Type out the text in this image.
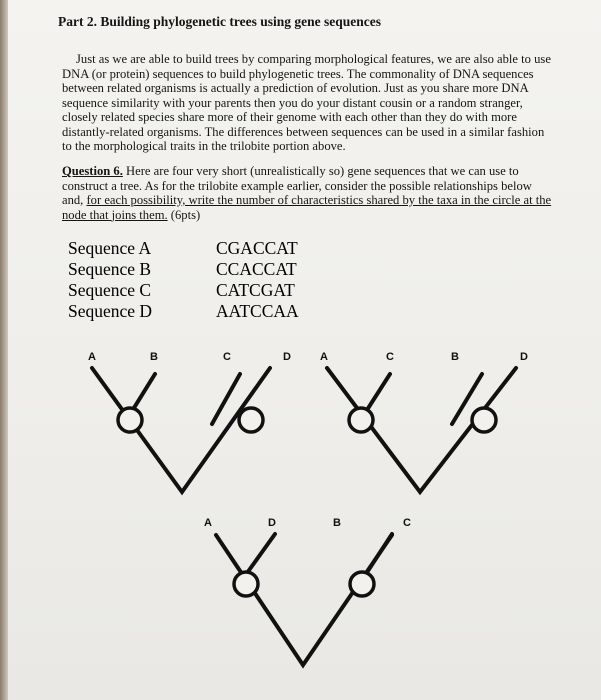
Part 2. Building phylogenetic trees using gene sequences

Just as we are able to build trees by comparing morphological features, we are also able to use DNA (or protein) sequences to build phylogenetic trees. The commonality of DNA sequences between related organisms is actually a prediction of evolution. Just as you share more DNA sequence similarity with your parents then you do your distant cousin or a random stranger, closely related species share more of their genome with each other than they do with more distantly-related organisms. The differences between sequences can be used in a similar fashion to the morphological traits in the trilobite portion above.

Question 6. Here are four very short (unrealistically so) gene sequences that we can use to construct a tree. As for the trilobite example earlier, consider the possible relationships below and, for each possibility, write the number of characteristics shared by the taxa in the circle at the node that joins them. (6pts)

Sequence A	CGACCAT
Sequence B	CCACCAT
Sequence C	CATCGAT
Sequence D	AATCCAA
A	B	C	D	A	C	B	D
A	D	B	C
